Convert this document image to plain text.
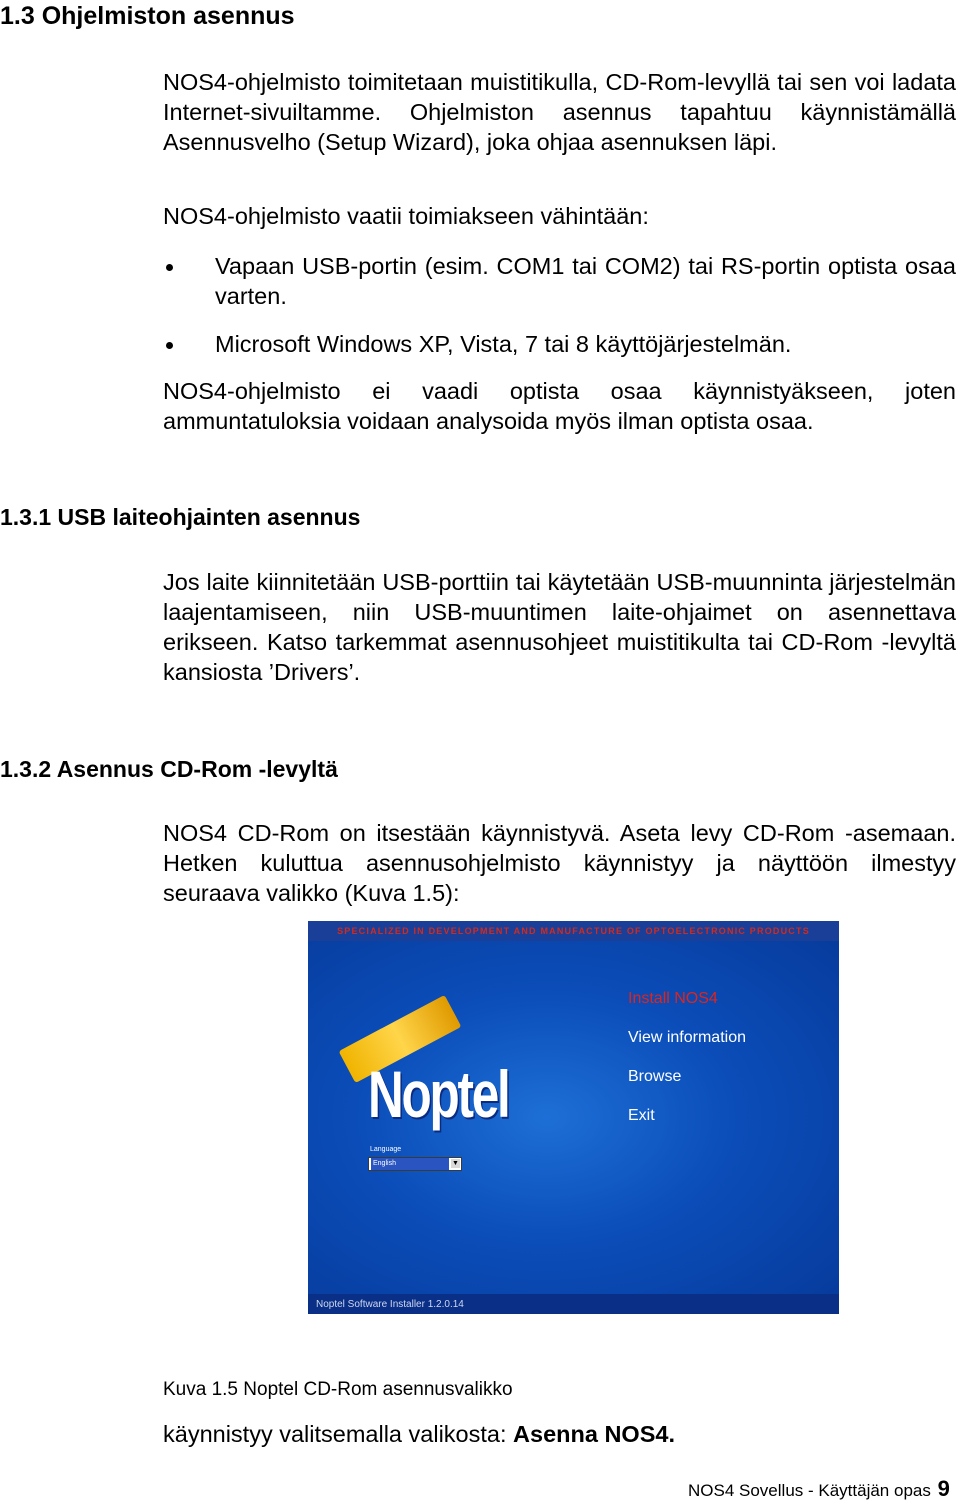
1.3 Ohjelmiston asennus
NOS4-ohjelmisto toimitetaan muistitikulla, CD-Rom-levyllä tai sen voi ladata Internet-sivuiltamme. Ohjelmiston asennus tapahtuu käynnistämällä Asennusvelho (Setup Wizard), joka ohjaa asennuksen läpi.
NOS4-ohjelmisto vaatii toimiakseen vähintään:
Vapaan USB-portin (esim. COM1 tai COM2) tai RS-portin optista osaa varten.
Microsoft Windows XP, Vista, 7 tai 8 käyttöjärjestelmän.
NOS4-ohjelmisto ei vaadi optista osaa käynnistyäkseen, joten ammuntatuloksia voidaan analysoida myös ilman optista osaa.
1.3.1 USB laiteohjainten asennus
Jos laite kiinnitetään USB-porttiin tai käytetään USB-muunninta järjestelmän laajentamiseen, niin USB-muuntimen laite-ohjaimet on asennettava erikseen. Katso tarkemmat asennusohjeet muistitikulta tai CD-Rom -levyltä kansiosta ’Drivers’.
1.3.2 Asennus CD-Rom -levyltä
NOS4 CD-Rom on itsestään käynnistyvä. Aseta levy CD-Rom -asemaan. Hetken kuluttua asennusohjelmisto käynnistyy ja näyttöön ilmestyy seuraava valikko (Kuva 1.5):
SPECIALIZED IN DEVELOPMENT AND MANUFACTURE OF OPTOELECTRONIC PRODUCTS
Noptel
Install NOS4
View information
Browse
Exit
Language
English	▼
Noptel Software Installer 1.2.0.14
Kuva 1.5 Noptel CD-Rom asennusvalikko
käynnistyy valitsemalla valikosta: Asenna NOS4.
NOS4 Sovellus - Käyttäjän opas 9
